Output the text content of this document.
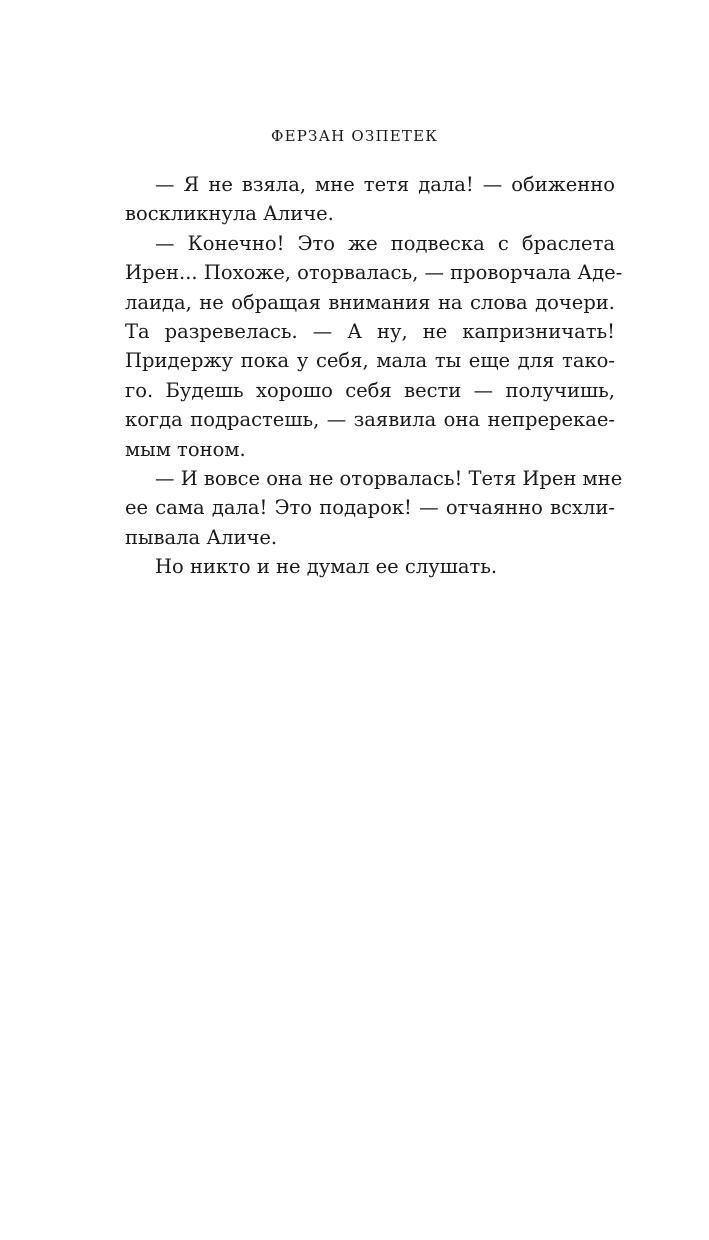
ФЕРЗАН ОЗПЕТЕК
— Я не взяла, мне тетя дала! — обиженно
воскликнула Аличе.
— Конечно! Это же подвеска с браслета
Ирен... Похоже, оторвалась, — проворчала Аде-
лаида, не обращая внимания на слова дочери.
Та разревелась. — А ну, не капризничать!
Придержу пока у себя, мала ты еще для тако-
го. Будешь хорошо себя вести — получишь,
когда подрастешь, — заявила она непререкае-
мым тоном.
— И вовсе она не оторвалась! Тетя Ирен мне
ее сама дала! Это подарок! — отчаянно всхли-
пывала Аличе.
Но никто и не думал ее слушать.
